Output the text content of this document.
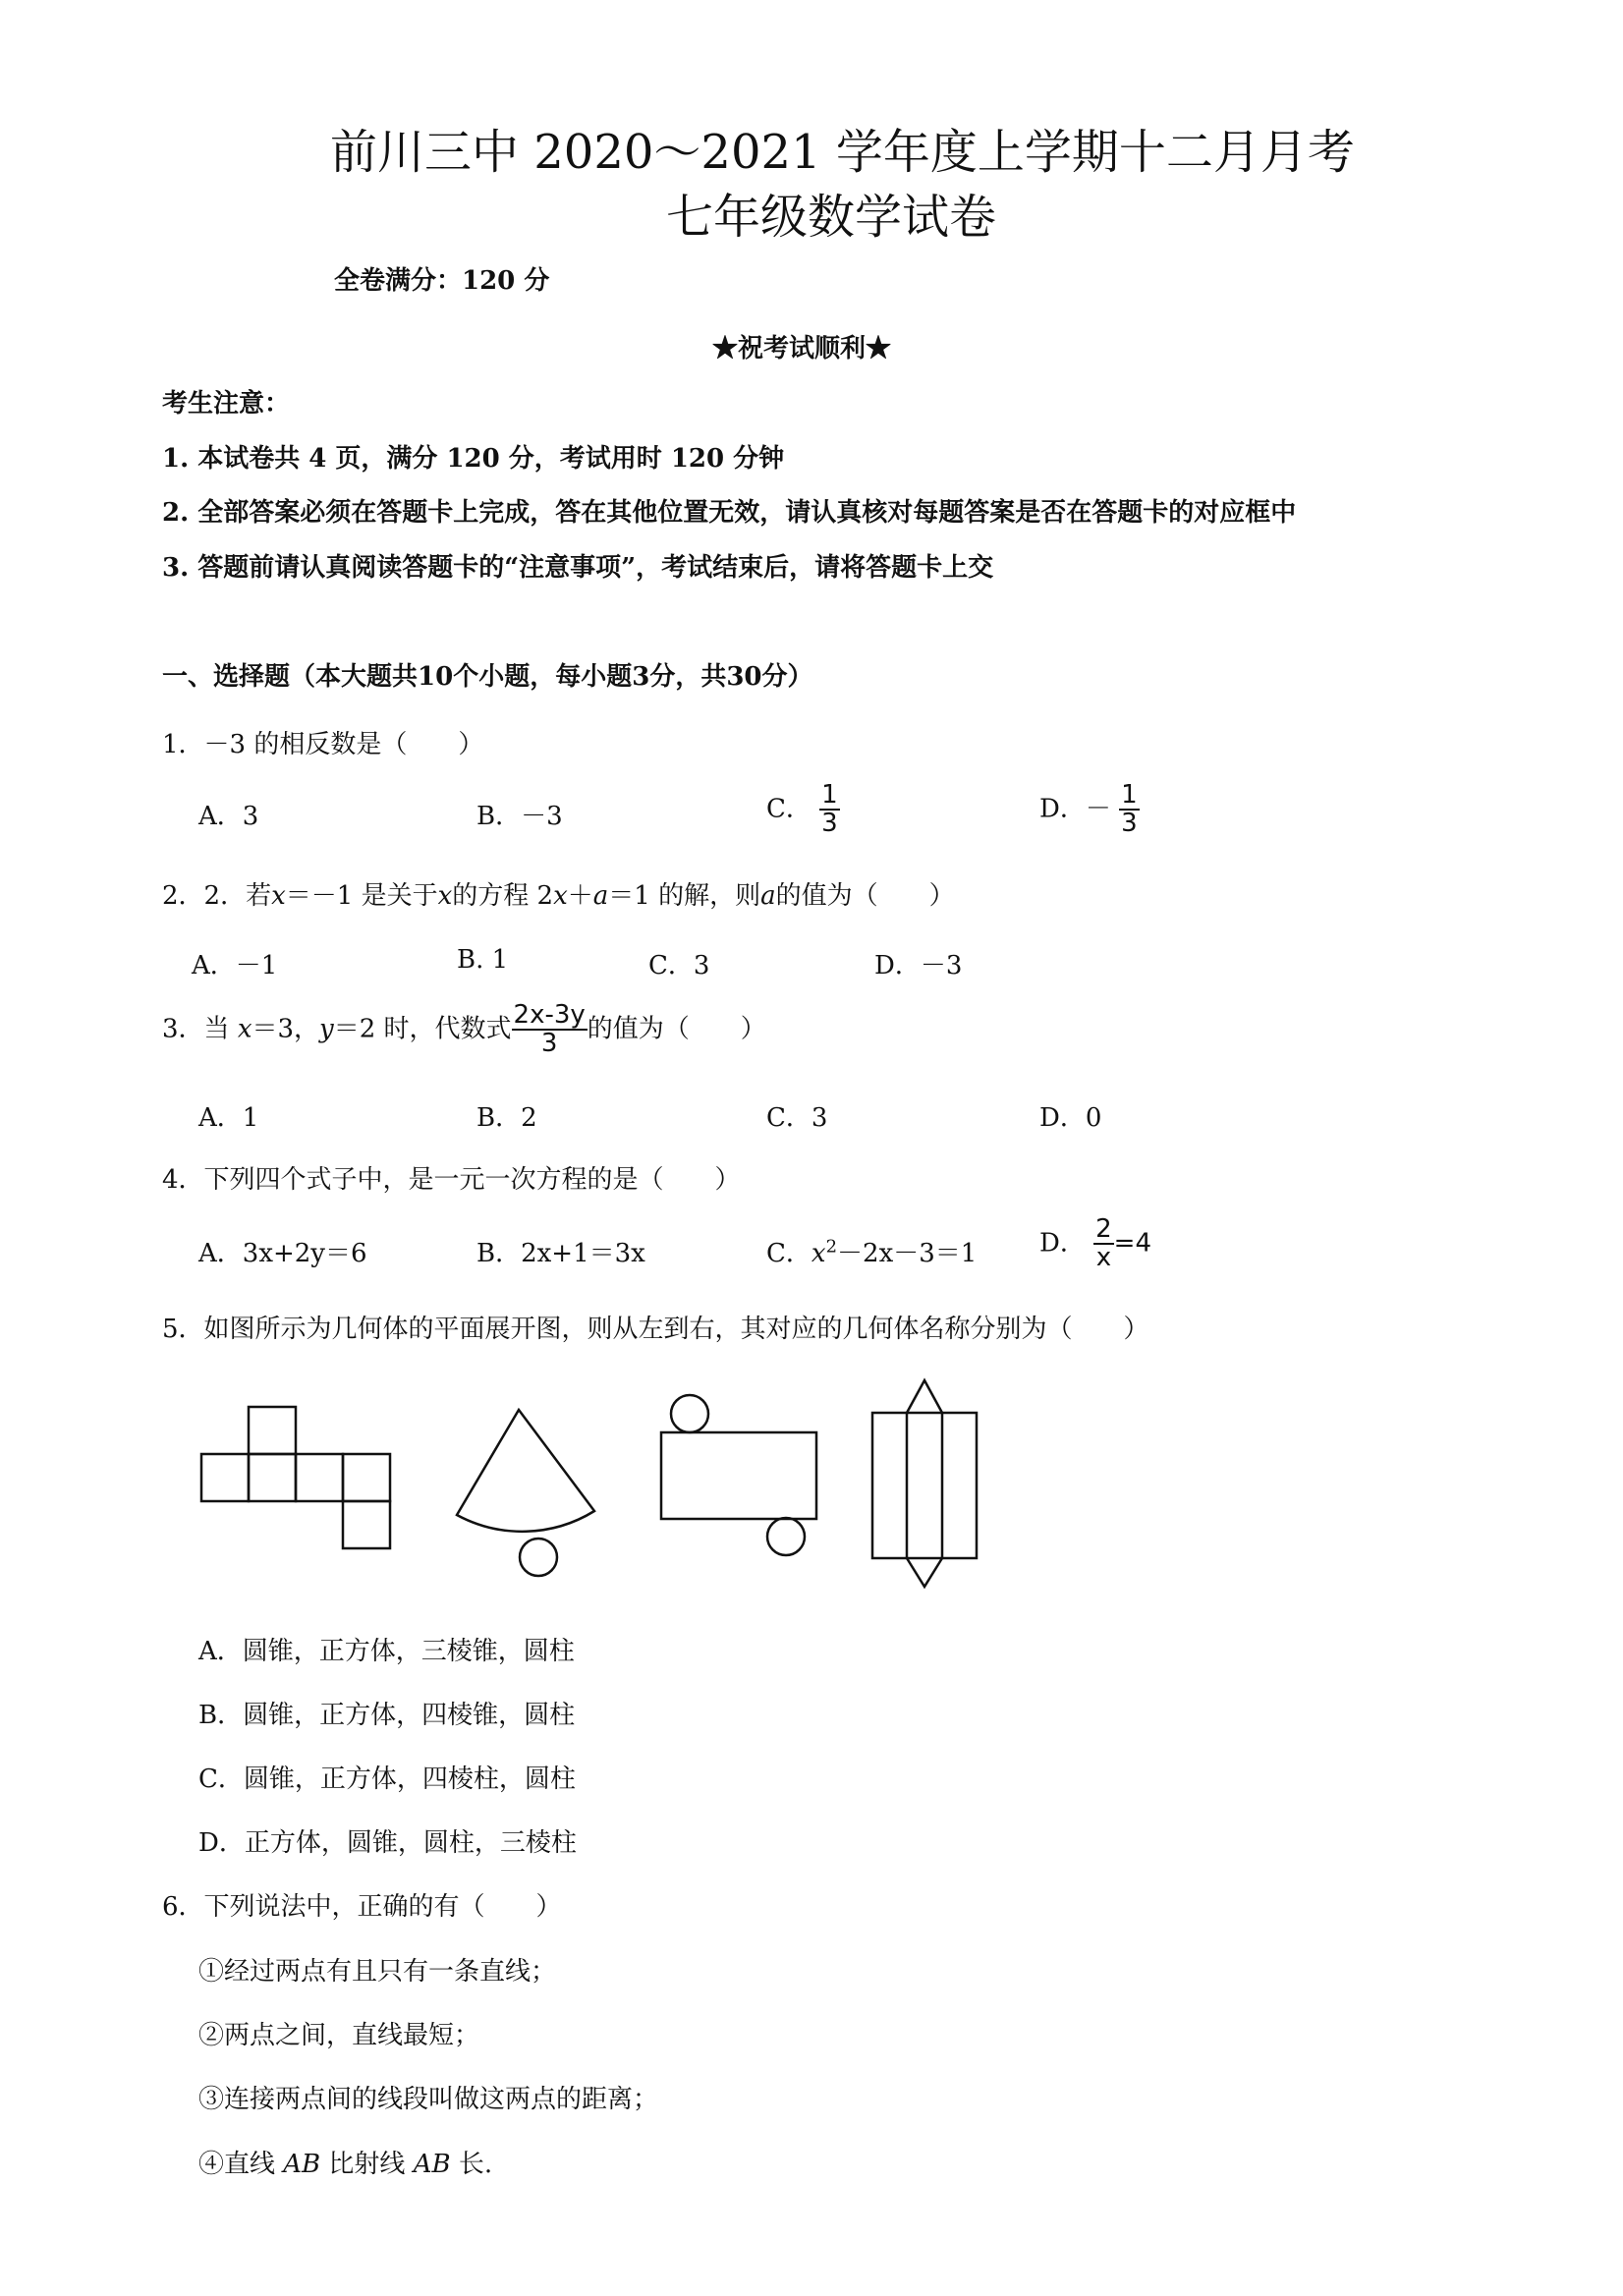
前川三中 2020～2021 学年度上学期十二月月考
七年级数学试卷
全卷满分：120 分
★祝考试顺利★
考生注意：
1. 本试卷共 4 页，满分 120 分，考试用时 120 分钟
2. 全部答案必须在答题卡上完成，答在其他位置无效，请认真核对每题答案是否在答题卡的对应框中
3. 答题前请认真阅读答题卡的“注意事项”，考试结束后，请将答题卡上交
一、选择题（本大题共10个小题，每小题3分，共30分）
1．－3 的相反数是（　　）
A．3	B．－3	C． $\frac{1}{3}$	D．－ $\frac{1}{3}$
2．2．若x＝－1 是关于x的方程 2x＋a＝1 的解，则a的值为（　　）
A．－1	B. 1	C．3	D．－3
3．当 x＝3，y＝2 时，代数式 $\frac{2x-3y}{3}$ 的值为（　　）
A．1	B．2	C．3	D．0
4．下列四个式子中，是一元一次方程的是（　　）
A．3x+2y＝6	B．2x+1＝3x	C．$x^2-2x-3=1$ D． $\frac{2}{x} =4$
5．如图所示为几何体的平面展开图，则从左到右，其对应的几何体名称分别为（　　）
A．圆锥，正方体，三棱锥，圆柱
B．圆锥，正方体，四棱锥，圆柱
C．圆锥，正方体，四棱柱，圆柱
D．正方体，圆锥，圆柱，三棱柱
6．下列说法中，正确的有（　　）
①经过两点有且只有一条直线；
②两点之间，直线最短；
③连接两点间的线段叫做这两点的距离；
④直线 AB 比射线 AB 长.
